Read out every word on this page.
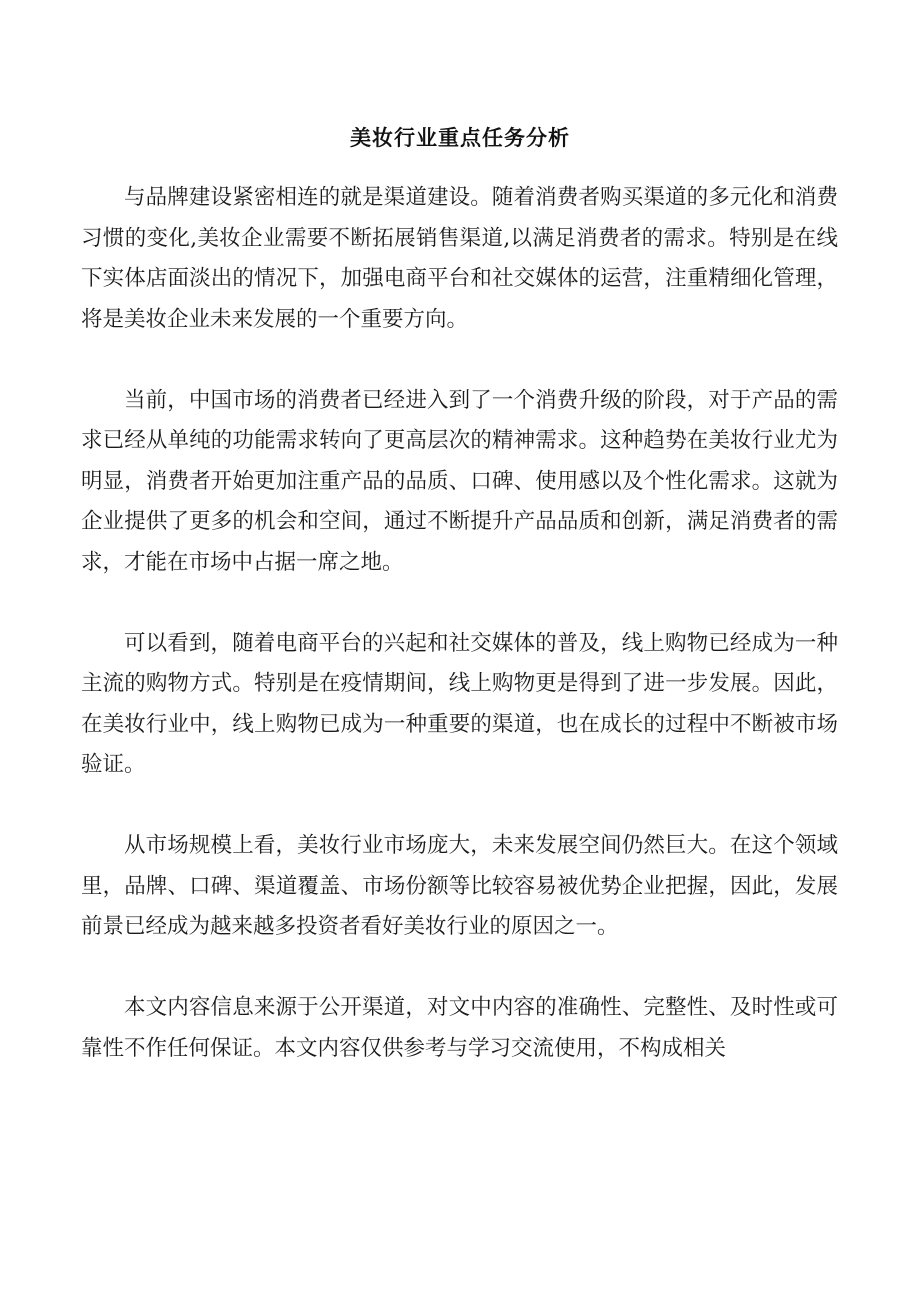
美妆行业重点任务分析

与品牌建设紧密相连的就是渠道建设。随着消费者购买渠道的多元化和消费习惯的变化,美妆企业需要不断拓展销售渠道,以满足消费者的需求。特别是在线下实体店面淡出的情况下，加强电商平台和社交媒体的运营，注重精细化管理，将是美妆企业未来发展的一个重要方向。

当前，中国市场的消费者已经进入到了一个消费升级的阶段，对于产品的需求已经从单纯的功能需求转向了更高层次的精神需求。这种趋势在美妆行业尤为明显，消费者开始更加注重产品的品质、口碑、使用感以及个性化需求。这就为企业提供了更多的机会和空间，通过不断提升产品品质和创新，满足消费者的需求，才能在市场中占据一席之地。

可以看到，随着电商平台的兴起和社交媒体的普及，线上购物已经成为一种主流的购物方式。特别是在疫情期间，线上购物更是得到了进一步发展。因此，在美妆行业中，线上购物已成为一种重要的渠道，也在成长的过程中不断被市场验证。

从市场规模上看，美妆行业市场庞大，未来发展空间仍然巨大。在这个领域里，品牌、口碑、渠道覆盖、市场份额等比较容易被优势企业把握，因此，发展前景已经成为越来越多投资者看好美妆行业的原因之一。

本文内容信息来源于公开渠道，对文中内容的准确性、完整性、及时性或可靠性不作任何保证。本文内容仅供参考与学习交流使用，不构成相关
